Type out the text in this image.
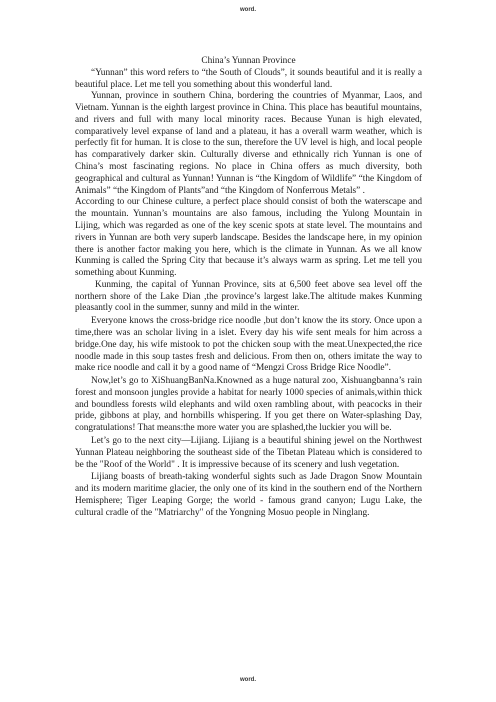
word.

China’s Yunnan Province

“Yunnan” this word refers to “the South of Clouds”, it sounds beautiful and it is really a beautiful place. Let me tell you something about this wonderful land.

Yunnan, province in southern China, bordering the countries of Myanmar, Laos, and Vietnam. Yunnan is the eighth largest province in China. This place has beautiful mountains, and rivers and full with many local minority races. Because Yunan is high elevated, comparatively level expanse of land and a plateau, it has a overall warm weather, which is perfectly fit for human. It is close to the sun, therefore the UV level is high, and local people has comparatively darker skin. Culturally diverse and ethnically rich Yunnan is one of China’s most fascinating regions. No place in China offers as much diversity, both geographical and cultural as Yunnan! Yunnan is “the Kingdom of Wildlife” “the Kingdom of Animals” “the Kingdom of Plants”and “the Kingdom of Nonferrous Metals” .

According to our Chinese culture, a perfect place should consist of both the waterscape and the mountain. Yunnan’s mountains are also famous, including the Yulong Mountain in Lijing, which was regarded as one of the key scenic spots at state level. The mountains and rivers in Yunnan are both very superb landscape. Besides the landscape here, in my opinion there is another factor making you here, which is the climate in Yunnan. As we all know Kunming is called the Spring City that because it’s always warm as spring. Let me tell you something about Kunming.

Kunming, the capital of Yunnan Province, sits at 6,500 feet above sea level off the northern shore of the Lake Dian ,the province’s largest lake.The altitude makes Kunming pleasantly cool in the summer, sunny and mild in the winter.

Everyone knows the cross-bridge rice noodle ,but don’t know the its story. Once upon a time,there was an scholar living in a islet. Every day his wife sent meals for him across a bridge.One day, his wife mistook to pot the chicken soup with the meat.Unexpected,the rice noodle made in this soup tastes fresh and delicious. From then on, others imitate the way to make rice noodle and call it by a good name of “Mengzi Cross Bridge Rice Noodle”.

Now,let’s go to XiShuangBanNa.Knowned as a huge natural zoo, Xishuangbanna’s rain forest and monsoon jungles provide a habitat for nearly 1000 species of animals,within thick and boundless forests wild elephants and wild oxen rambling about, with peacocks in their pride, gibbons at play, and hornbills whispering. If you get there on Water-splashing Day, congratulations! That means:the more water you are splashed,the luckier you will be.

Let’s go to the next city—Lijiang. Lijiang is a beautiful shining jewel on the Northwest Yunnan Plateau neighboring the southeast side of the Tibetan Plateau which is considered to be the "Roof of the World" . It is impressive because of its scenery and lush vegetation.

Lijiang boasts of breath-taking wonderful sights such as Jade Dragon Snow Mountain and its modern maritime glacier, the only one of its kind in the southern end of the Northern Hemisphere; Tiger Leaping Gorge; the world - famous grand canyon; Lugu Lake, the cultural cradle of the "Matriarchy" of the Yongning Mosuo people in Ninglang.

word.
